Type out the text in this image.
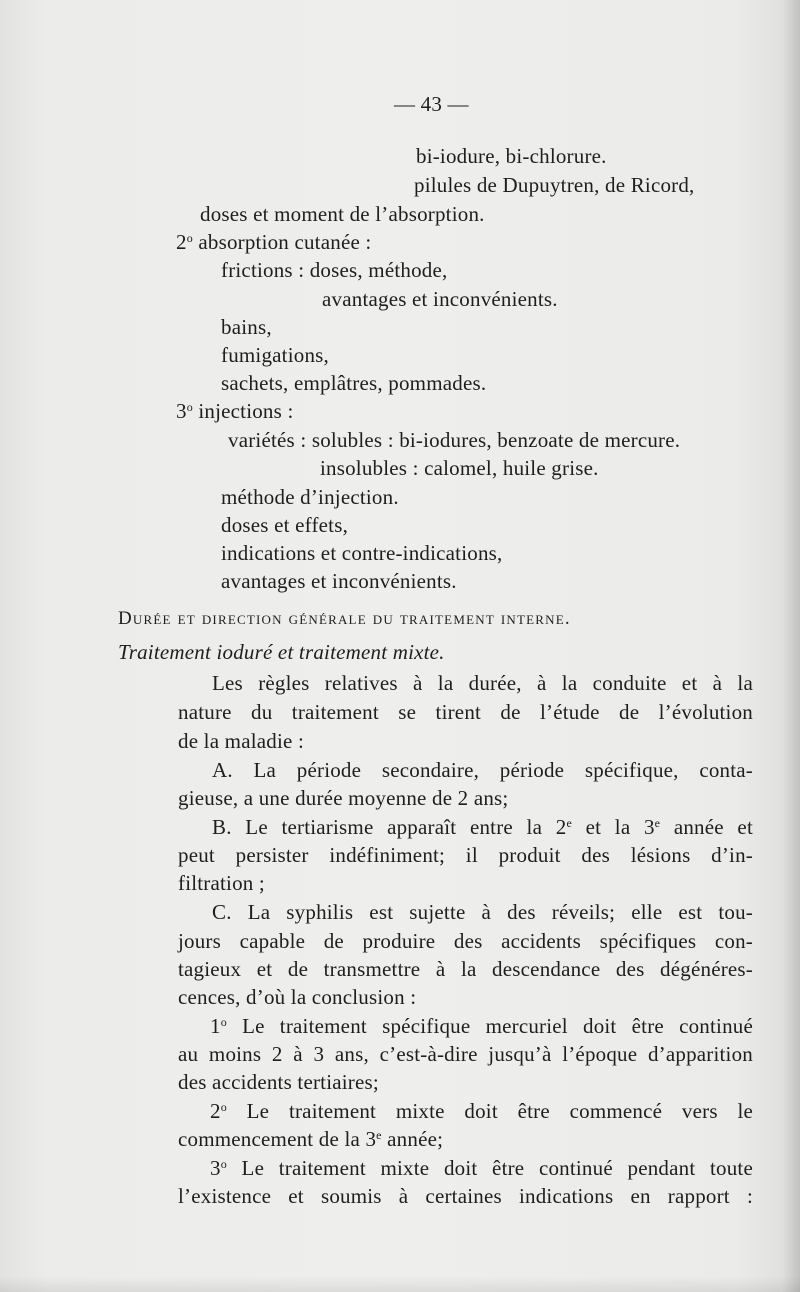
— 43 —
bi-iodure, bi-chlorure.
pilules de Dupuytren, de Ricord,
doses et moment de l’absorption.
2$^o$ absorption cutanée :
frictions : doses, méthode,
avantages et inconvénients.
bains,
fumigations,
sachets, emplâtres, pommades.
3$^o$ injections :
variétés : solubles : bi-iodures, benzoate de mercure.
insolubles : calomel, huile grise.
méthode d’injection.
doses et effets,
indications et contre-indications,
avantages et inconvénients.
Durée et direction générale du traitement interne.
Traitement ioduré et traitement mixte.
Les règles relatives à la durée, à la conduite et à la
nature du traitement se tirent de l’étude de l’évolution
de la maladie :
A. La période secondaire, période spécifique, conta-
gieuse, a une durée moyenne de 2 ans;
B. Le tertiarisme apparaît entre la 2e et la 3e année et
peut persister indéfiniment; il produit des lésions d’in-
filtration ;
C. La syphilis est sujette à des réveils; elle est tou-
jours capable de produire des accidents spécifiques con-
tagieux et de transmettre à la descendance des dégénéres-
cences, d’où la conclusion :
1$^o$ Le traitement spécifique mercuriel doit être continué
au moins 2 à 3 ans, c’est-à-dire jusqu’à l’époque d’apparition
des accidents tertiaires;
2$^o$ Le traitement mixte doit être commencé vers le
commencement de la 3e année;
3$^o$ Le traitement mixte doit être continué pendant toute
l’existence et soumis à certaines indications en rapport :
